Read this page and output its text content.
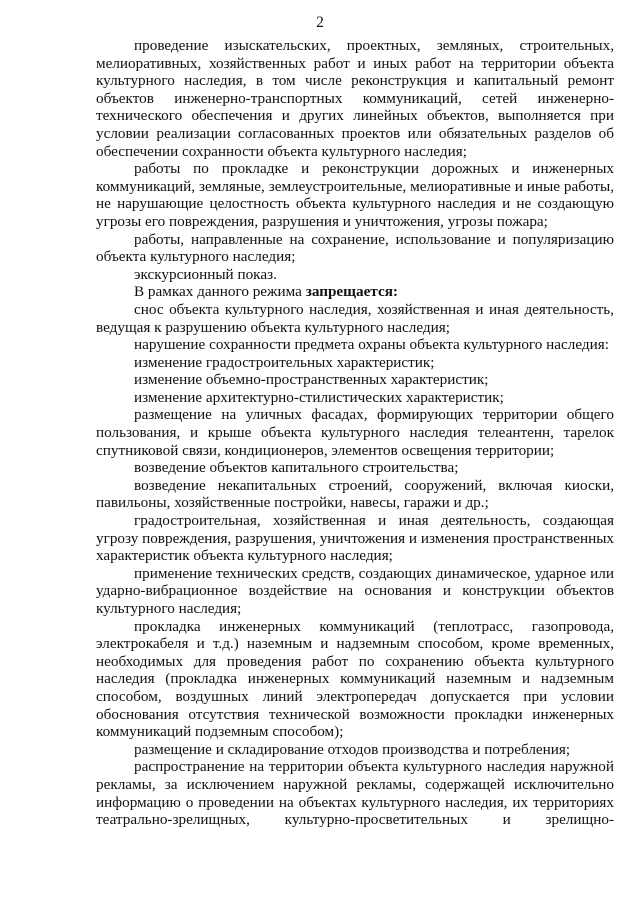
2

проведение изыскательских, проектных, земляных, строительных, мелиоративных, хозяйственных работ и иных работ на территории объекта культурного наследия, в том числе реконструкция и капитальный ремонт объектов инженерно-транспортных коммуникаций, сетей инженерно-технического обеспечения и других линейных объектов, выполняется при условии реализации согласованных проектов или обязательных разделов об обеспечении сохранности объекта культурного наследия;

работы по прокладке и реконструкции дорожных и инженерных коммуникаций, земляные, землеустроительные, мелиоративные и иные работы, не нарушающие целостность объекта культурного наследия и не создающую угрозы его повреждения, разрушения и уничтожения, угрозы пожара;

работы, направленные на сохранение, использование и популяризацию объекта культурного наследия;

экскурсионный показ.

В рамках данного режима запрещается:

снос объекта культурного наследия, хозяйственная и иная деятельность, ведущая к разрушению объекта культурного наследия;

нарушение сохранности предмета охраны объекта культурного наследия:

изменение градостроительных характеристик;

изменение объемно-пространственных характеристик;

изменение архитектурно-стилистических характеристик;

размещение на уличных фасадах, формирующих территории общего пользования, и крыше объекта культурного наследия телеантенн, тарелок спутниковой связи, кондиционеров, элементов освещения территории;

возведение объектов капитального строительства;

возведение некапитальных строений, сооружений, включая киоски, павильоны, хозяйственные постройки, навесы, гаражи и др.;

градостроительная, хозяйственная и иная деятельность, создающая угрозу повреждения, разрушения, уничтожения и изменения пространственных характеристик объекта культурного наследия;

применение технических средств, создающих динамическое, ударное или ударно-вибрационное воздействие на основания и конструкции объектов культурного наследия;

прокладка инженерных коммуникаций (теплотрасс, газопровода, электрокабеля и т.д.) наземным и надземным способом, кроме временных, необходимых для проведения работ по сохранению объекта культурного наследия (прокладка инженерных коммуникаций наземным и надземным способом, воздушных линий электропередач допускается при условии обоснования отсутствия технической возможности прокладки инженерных коммуникаций подземным способом);

размещение и складирование отходов производства и потребления;

распространение на территории объекта культурного наследия наружной рекламы, за исключением наружной рекламы, содержащей исключительно информацию о проведении на объектах культурного наследия, их территориях театрально-зрелищных, культурно-просветительных и зрелищно-
